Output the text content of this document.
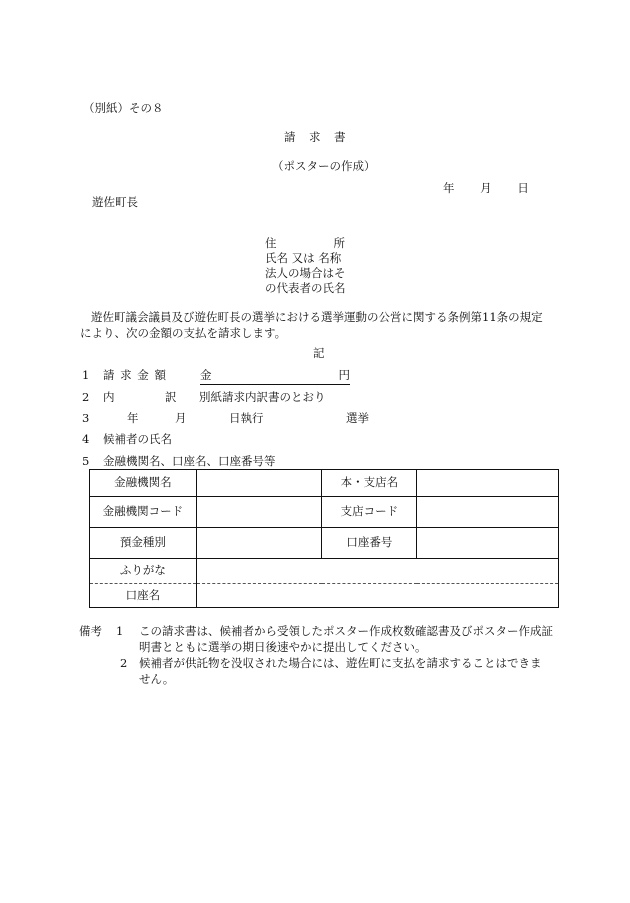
（別紙）その８
請　求　書
（ポスターの作成）
年 月 日
遊佐町長
住	所
氏名 又は 名称
法人の場合はそ
の代表者の氏名
遊佐町議会議員及び遊佐町長の選挙における選挙運動の公営に関する条例第11条の規定により、次の金額の支払を請求します。
記
1 請 求 金 額	金	円
2 内	訳 別紙請求内訳書のとおり
3	年	月	日執行	選挙
4 候補者の氏名
5 金融機関名、口座名、口座番号等
金融機関名		本・支店名	
金融機関コード		支店コード	
預金種別		口座番号	
ふりがな			
口座名			
備考 1	この請求書は、候補者から受領したポスター作成枚数確認書及びポスター作成証
明書とともに選挙の期日後速やかに提出してください。
2 候補者が供託物を没収された場合には、遊佐町に支払を請求することはできま
せん。
